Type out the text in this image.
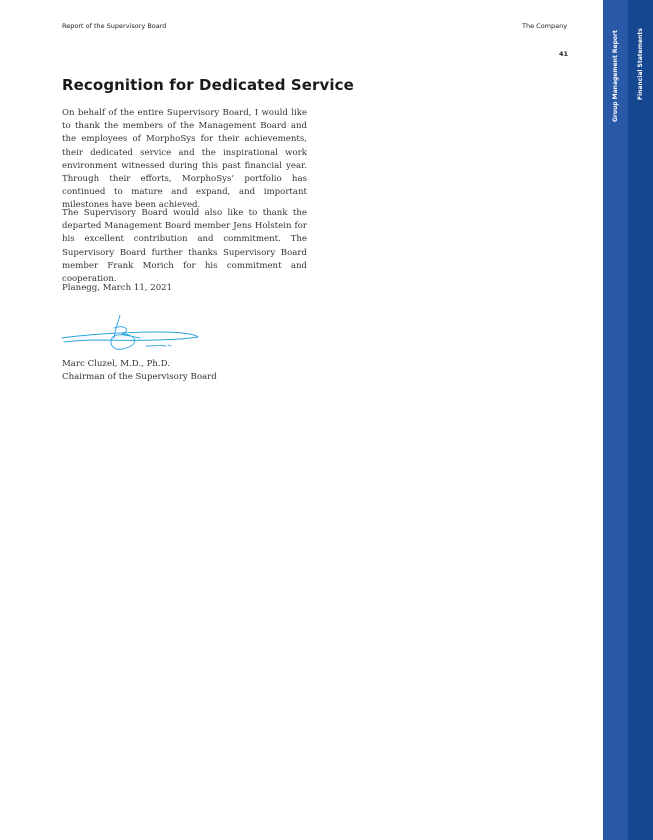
Report of the Supervisory Board	The Company
41
Recognition for Dedicated Service

On behalf of the entire Supervisory Board, I would like to thank the members of the Management Board and the employees of MorphoSys for their achievements, their dedicated service and the inspirational work environment witnessed during this past financial year. Through their efforts, MorphoSys’ portfolio has continued to mature and expand, and important milestones have been achieved.

The Supervisory Board would also like to thank the departed Management Board member Jens Holstein for his excellent contribution and commitment. The Supervisory Board further thanks Supervisory Board member Frank Morich for his commitment and cooperation.

Planegg, March 11, 2021
Marc Cluzel, M.D., Ph.D.
Chairman of the Supervisory Board
Group Management Report	Financial Statements
